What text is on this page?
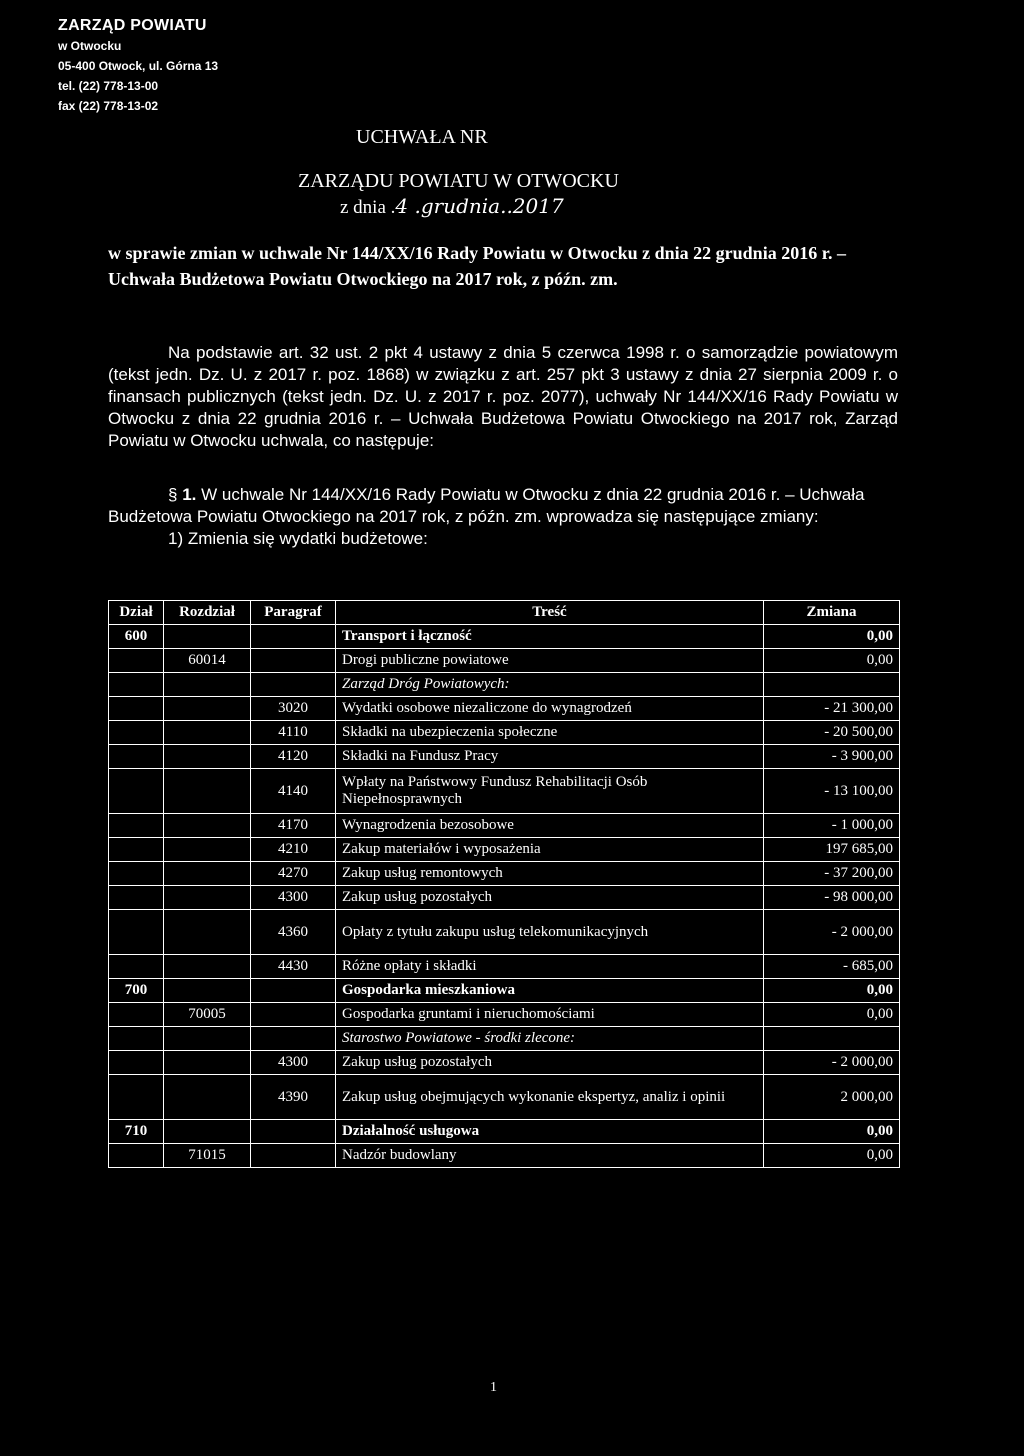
ZARZĄD POWIATU
w Otwocku
05-400 Otwock, ul. Górna 13
tel. (22) 778-13-00
fax (22) 778-13-02
UCHWAŁA NR
ZARZĄDU POWIATU W OTWOCKU
z dnia .4 .grudnia..2017
w sprawie zmian w uchwale Nr 144/XX/16 Rady Powiatu w Otwocku z dnia 22 grudnia 2016 r. – Uchwała Budżetowa Powiatu Otwockiego na 2017 rok, z późn. zm.

Na podstawie art. 32 ust. 2 pkt 4 ustawy z dnia 5 czerwca 1998 r. o samorządzie powiatowym (tekst jedn. Dz. U. z 2017 r. poz. 1868) w związku z art. 257 pkt 3 ustawy z dnia 27 sierpnia 2009 r. o finansach publicznych (tekst jedn. Dz. U. z 2017 r. poz. 2077), uchwały Nr 144/XX/16 Rady Powiatu w Otwocku z dnia 22 grudnia 2016 r. – Uchwała Budżetowa Powiatu Otwockiego na 2017 rok, Zarząd Powiatu w Otwocku uchwala, co następuje:

§ 1. W uchwale Nr 144/XX/16 Rady Powiatu w Otwocku z dnia 22 grudnia 2016 r. – Uchwała Budżetowa Powiatu Otwockiego na 2017 rok, z późn. zm. wprowadza się następujące zmiany:
1) Zmienia się wydatki budżetowe:
Dział	Rozdział	Paragraf	Treść	Zmiana
600			Transport i łączność	0,00
	60014		Drogi publiczne powiatowe	0,00
			Zarząd Dróg Powiatowych:	
		3020	Wydatki osobowe niezaliczone do wynagrodzeń	- 21 300,00
		4110	Składki na ubezpieczenia społeczne	- 20 500,00
		4120	Składki na Fundusz Pracy	- 3 900,00
		4140	Wpłaty na Państwowy Fundusz Rehabilitacji Osób Niepełnosprawnych	- 13 100,00
		4170	Wynagrodzenia bezosobowe	- 1 000,00
		4210	Zakup materiałów i wyposażenia	197 685,00
		4270	Zakup usług remontowych	- 37 200,00
		4300	Zakup usług pozostałych	- 98 000,00
		4360	Opłaty z tytułu zakupu usług telekomunikacyjnych	- 2 000,00
		4430	Różne opłaty i składki	- 685,00
700			Gospodarka mieszkaniowa	0,00
	70005		Gospodarka gruntami i nieruchomościami	0,00
			Starostwo Powiatowe - środki zlecone:	
		4300	Zakup usług pozostałych	- 2 000,00
		4390	Zakup usług obejmujących wykonanie ekspertyz, analiz i opinii	2 000,00
710			Działalność usługowa	0,00
	71015		Nadzór budowlany	0,00
1
